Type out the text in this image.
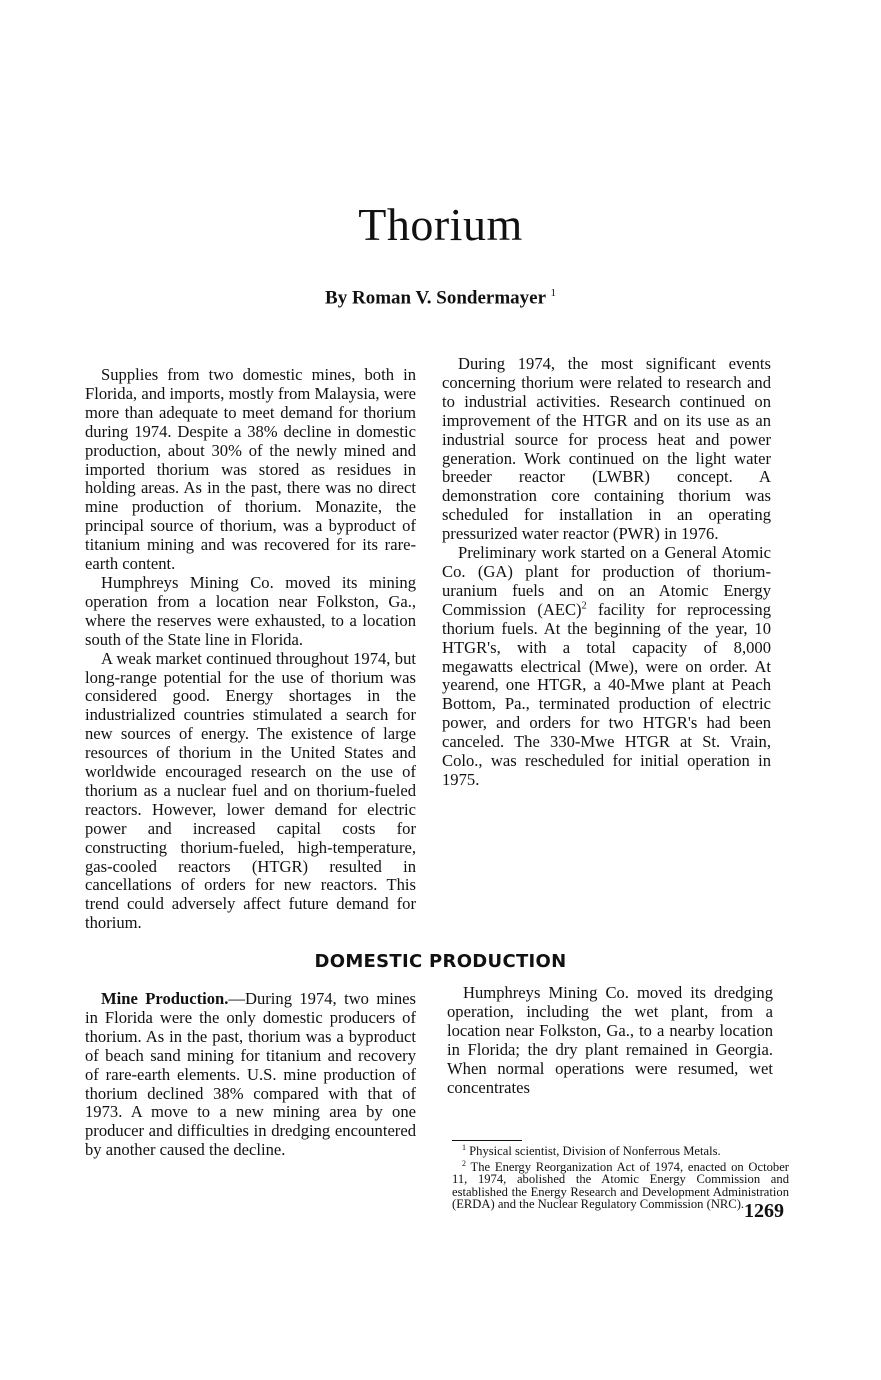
Thorium
By Roman V. Sondermayer $^1$

Supplies from two domestic mines, both in Florida, and imports, mostly from Malaysia, were more than adequate to meet demand for thorium during 1974. Despite a 38% decline in domestic production, about 30% of the newly mined and imported thorium was stored as residues in holding areas. As in the past, there was no direct mine production of thorium. Monazite, the principal source of thorium, was a byproduct of titanium mining and was recovered for its rare-earth content.

Humphreys Mining Co. moved its mining operation from a location near Folkston, Ga., where the reserves were exhausted, to a location south of the State line in Florida.

A weak market continued throughout 1974, but long-range potential for the use of thorium was considered good. Energy shortages in the industrialized countries stimulated a search for new sources of energy. The existence of large resources of thorium in the United States and worldwide encouraged research on the use of thorium as a nuclear fuel and on thorium-fueled reactors. However, lower demand for electric power and increased capital costs for constructing thorium-fueled, high-temperature, gas-cooled reactors (HTGR) resulted in cancellations of orders for new reactors. This trend could adversely affect future demand for thorium.

During 1974, the most significant events concerning thorium were related to research and to industrial activities. Research continued on improvement of the HTGR and on its use as an industrial source for process heat and power generation. Work continued on the light water breeder reactor (LWBR) concept. A demonstration core containing thorium was scheduled for installation in an operating pressurized water reactor (PWR) in 1976.

Preliminary work started on a General Atomic Co. (GA) plant for production of thorium-uranium fuels and on an Atomic Energy Commission (AEC)$^2$ facility for reprocessing thorium fuels. At the beginning of the year, 10 HTGR's, with a total capacity of 8,000 megawatts electrical (Mwe), were on order. At yearend, one HTGR, a 40-Mwe plant at Peach Bottom, Pa., terminated production of electric power, and orders for two HTGR's had been canceled. The 330-Mwe HTGR at St. Vrain, Colo., was rescheduled for initial operation in 1975.

DOMESTIC PRODUCTION

Mine Production.—During 1974, two mines in Florida were the only domestic producers of thorium. As in the past, thorium was a byproduct of beach sand mining for titanium and recovery of rare-earth elements. U.S. mine production of thorium declined 38% compared with that of 1973. A move to a new mining area by one producer and difficulties in dredging encountered by another caused the decline.

Humphreys Mining Co. moved its dredging operation, including the wet plant, from a location near Folkston, Ga., to a nearby location in Florida; the dry plant remained in Georgia. When normal operations were resumed, wet concentrates

$^1$ Physical scientist, Division of Nonferrous Metals.

$^2$ The Energy Reorganization Act of 1974, enacted on October 11, 1974, abolished the Atomic Energy Commission and established the Energy Research and Development Administration (ERDA) and the Nuclear Regulatory Commission (NRC). 1269
